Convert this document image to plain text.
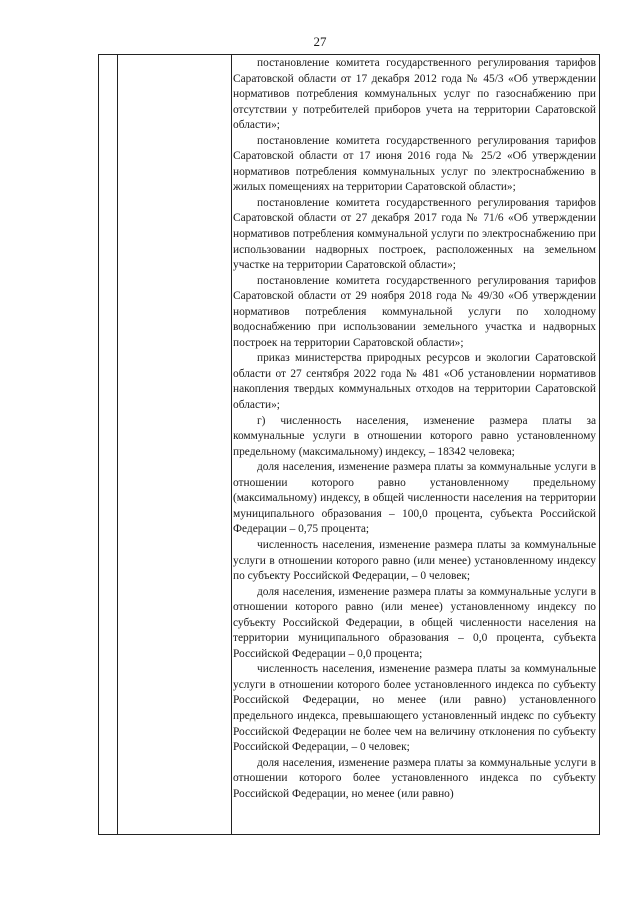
27

постановление комитета государственного регулирования тарифов Саратовской области от 17 декабря 2012 года № 45/3 «Об утверждении нормативов потребления коммунальных услуг по газоснабжению при отсутствии у потребителей приборов учета на территории Саратовской области»;

постановление комитета государственного регулирования тарифов Саратовской области от 17 июня 2016 года № 25/2 «Об утверждении нормативов потребления коммунальных услуг по электроснабжению в жилых помещениях на территории Саратовской области»;

постановление комитета государственного регулирования тарифов Саратовской области от 27 декабря 2017 года № 71/6 «Об утверждении нормативов потребления коммунальной услуги по электроснабжению при использовании надворных построек, расположенных на земельном участке на территории Саратовской области»;

постановление комитета государственного регулирования тарифов Саратовской области от 29 ноября 2018 года № 49/30 «Об утверждении нормативов потребления коммунальной услуги по холодному водоснабжению при использовании земельного участка и надворных построек на территории Саратовской области»;

приказ министерства природных ресурсов и экологии Саратовской области от 27 сентября 2022 года № 481 «Об установлении нормативов накопления твердых коммунальных отходов на территории Саратовской области»;

г) численность населения, изменение размера платы за коммунальные услуги в отношении которого равно установленному предельному (максимальному) индексу, – 18342 человека;

доля населения, изменение размера платы за коммунальные услуги в отношении которого равно установленному предельному (максимальному) индексу, в общей численности населения на территории муниципального образования – 100,0 процента, субъекта Российской Федерации – 0,75 процента;

численность населения, изменение размера платы за коммунальные услуги в отношении которого равно (или менее) установленному индексу по субъекту Российской Федерации, – 0 человек;

доля населения, изменение размера платы за коммунальные услуги в отношении которого равно (или менее) установленному индексу по субъекту Российской Федерации, в общей численности населения на территории муниципального образования – 0,0 процента, субъекта Российской Федерации – 0,0 процента;

численность населения, изменение размера платы за коммунальные услуги в отношении которого более установленного индекса по субъекту Российской Федерации, но менее (или равно) установленного предельного индекса, превышающего установленный индекс по субъекту Российской Федерации не более чем на величину отклонения по субъекту Российской Федерации, – 0 человек;

доля населения, изменение размера платы за коммунальные услуги в отношении которого более установленного индекса по субъекту Российской Федерации, но менее (или равно)
